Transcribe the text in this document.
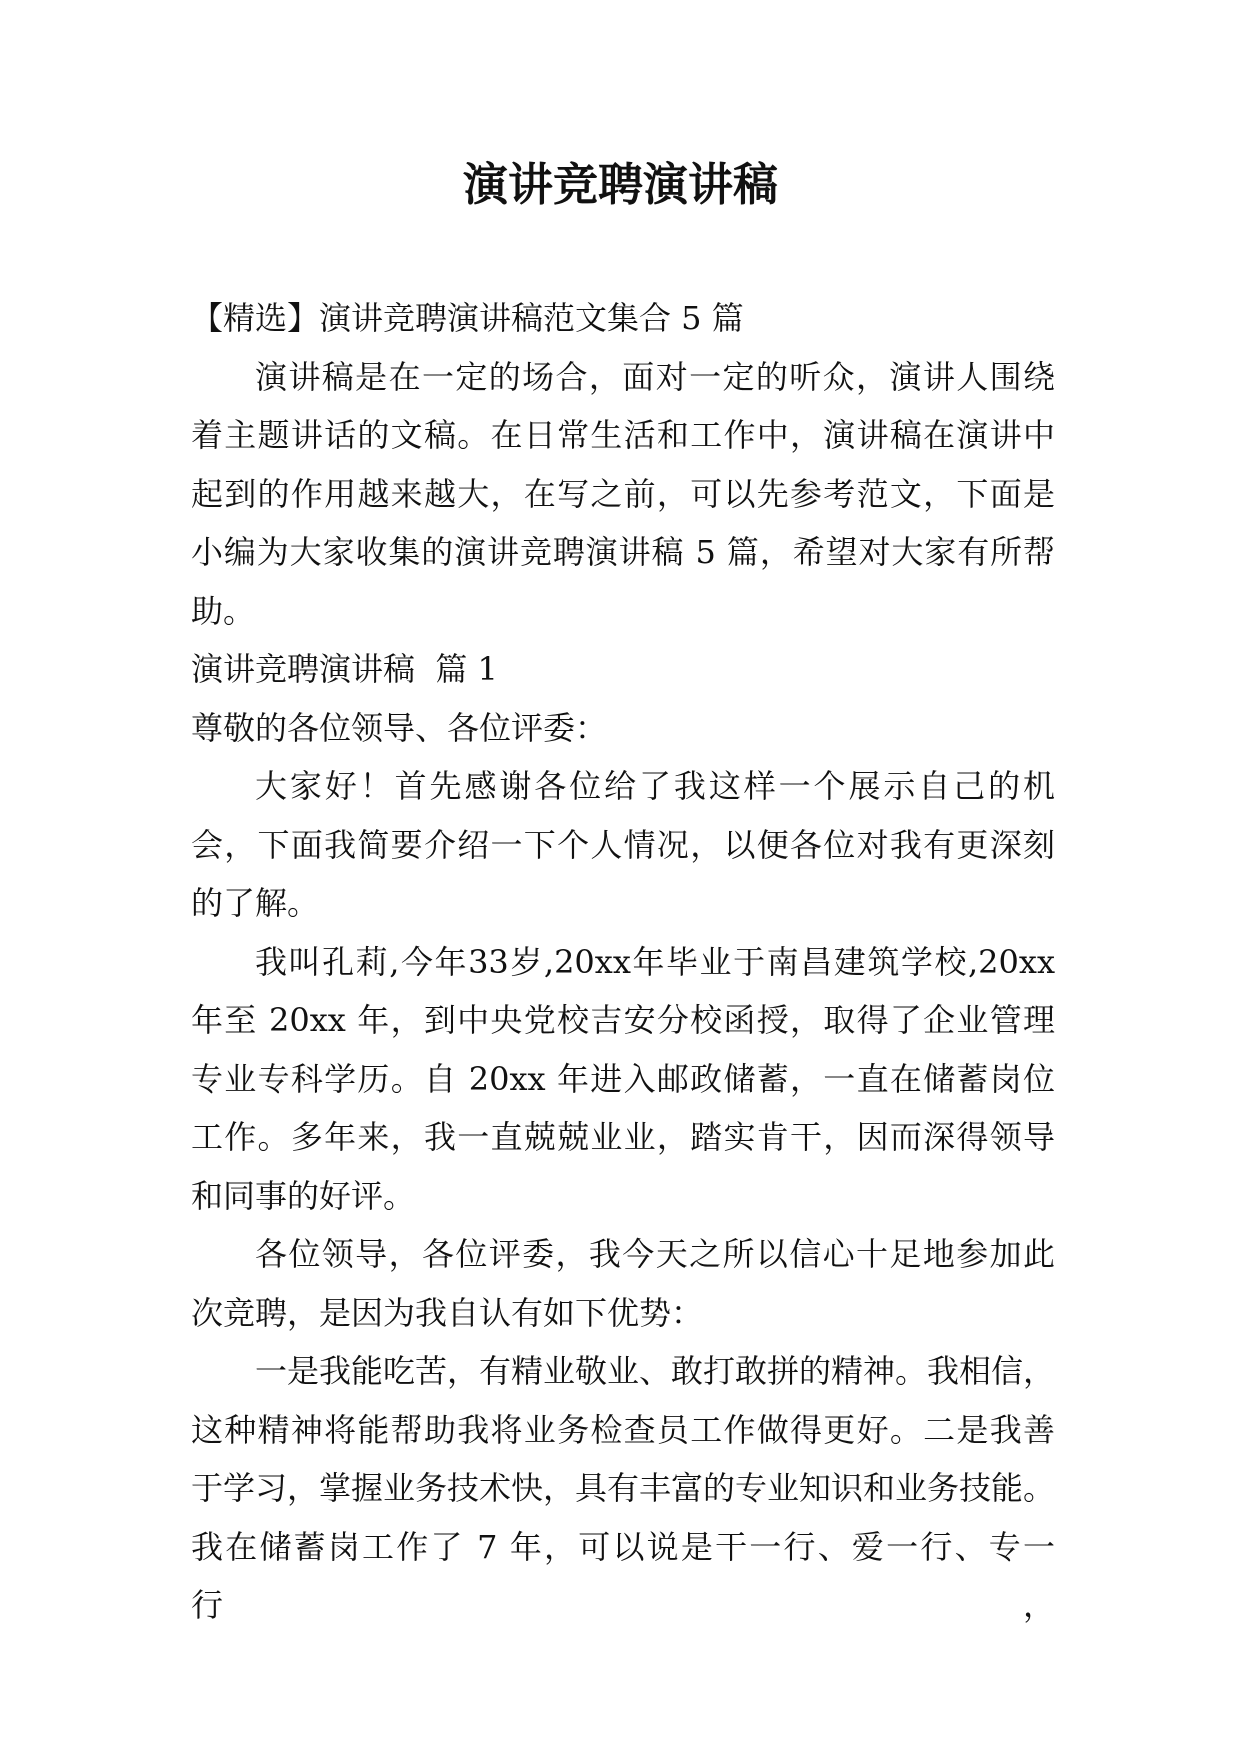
演讲竞聘演讲稿
【精选】演讲竞聘演讲稿范文集合 5 篇
演讲稿是在一定的场合，面对一定的听众，演讲人围绕
着主题讲话的文稿。在日常生活和工作中，演讲稿在演讲中
起到的作用越来越大，在写之前，可以先参考范文，下面是
小编为大家收集的演讲竞聘演讲稿 5 篇，希望对大家有所帮
助。
演讲竞聘演讲稿  篇 1
尊敬的各位领导、各位评委：
大家好！首先感谢各位给了我这样一个展示自己的机
会，下面我简要介绍一下个人情况，以便各位对我有更深刻
的了解。
我叫孔莉,今年33岁,20xx年毕业于南昌建筑学校,20xx
年至 20xx 年，到中央党校吉安分校函授，取得了企业管理
专业专科学历。自 20xx 年进入邮政储蓄，一直在储蓄岗位
工作。多年来，我一直兢兢业业，踏实肯干，因而深得领导
和同事的好评。
各位领导，各位评委，我今天之所以信心十足地参加此
次竞聘，是因为我自认有如下优势：
一是我能吃苦，有精业敬业、敢打敢拼的精神。我相信，
这种精神将能帮助我将业务检查员工作做得更好。二是我善
于学习，掌握业务技术快，具有丰富的专业知识和业务技能。
我在储蓄岗工作了 7 年，可以说是干一行、爱一行、专一行，
